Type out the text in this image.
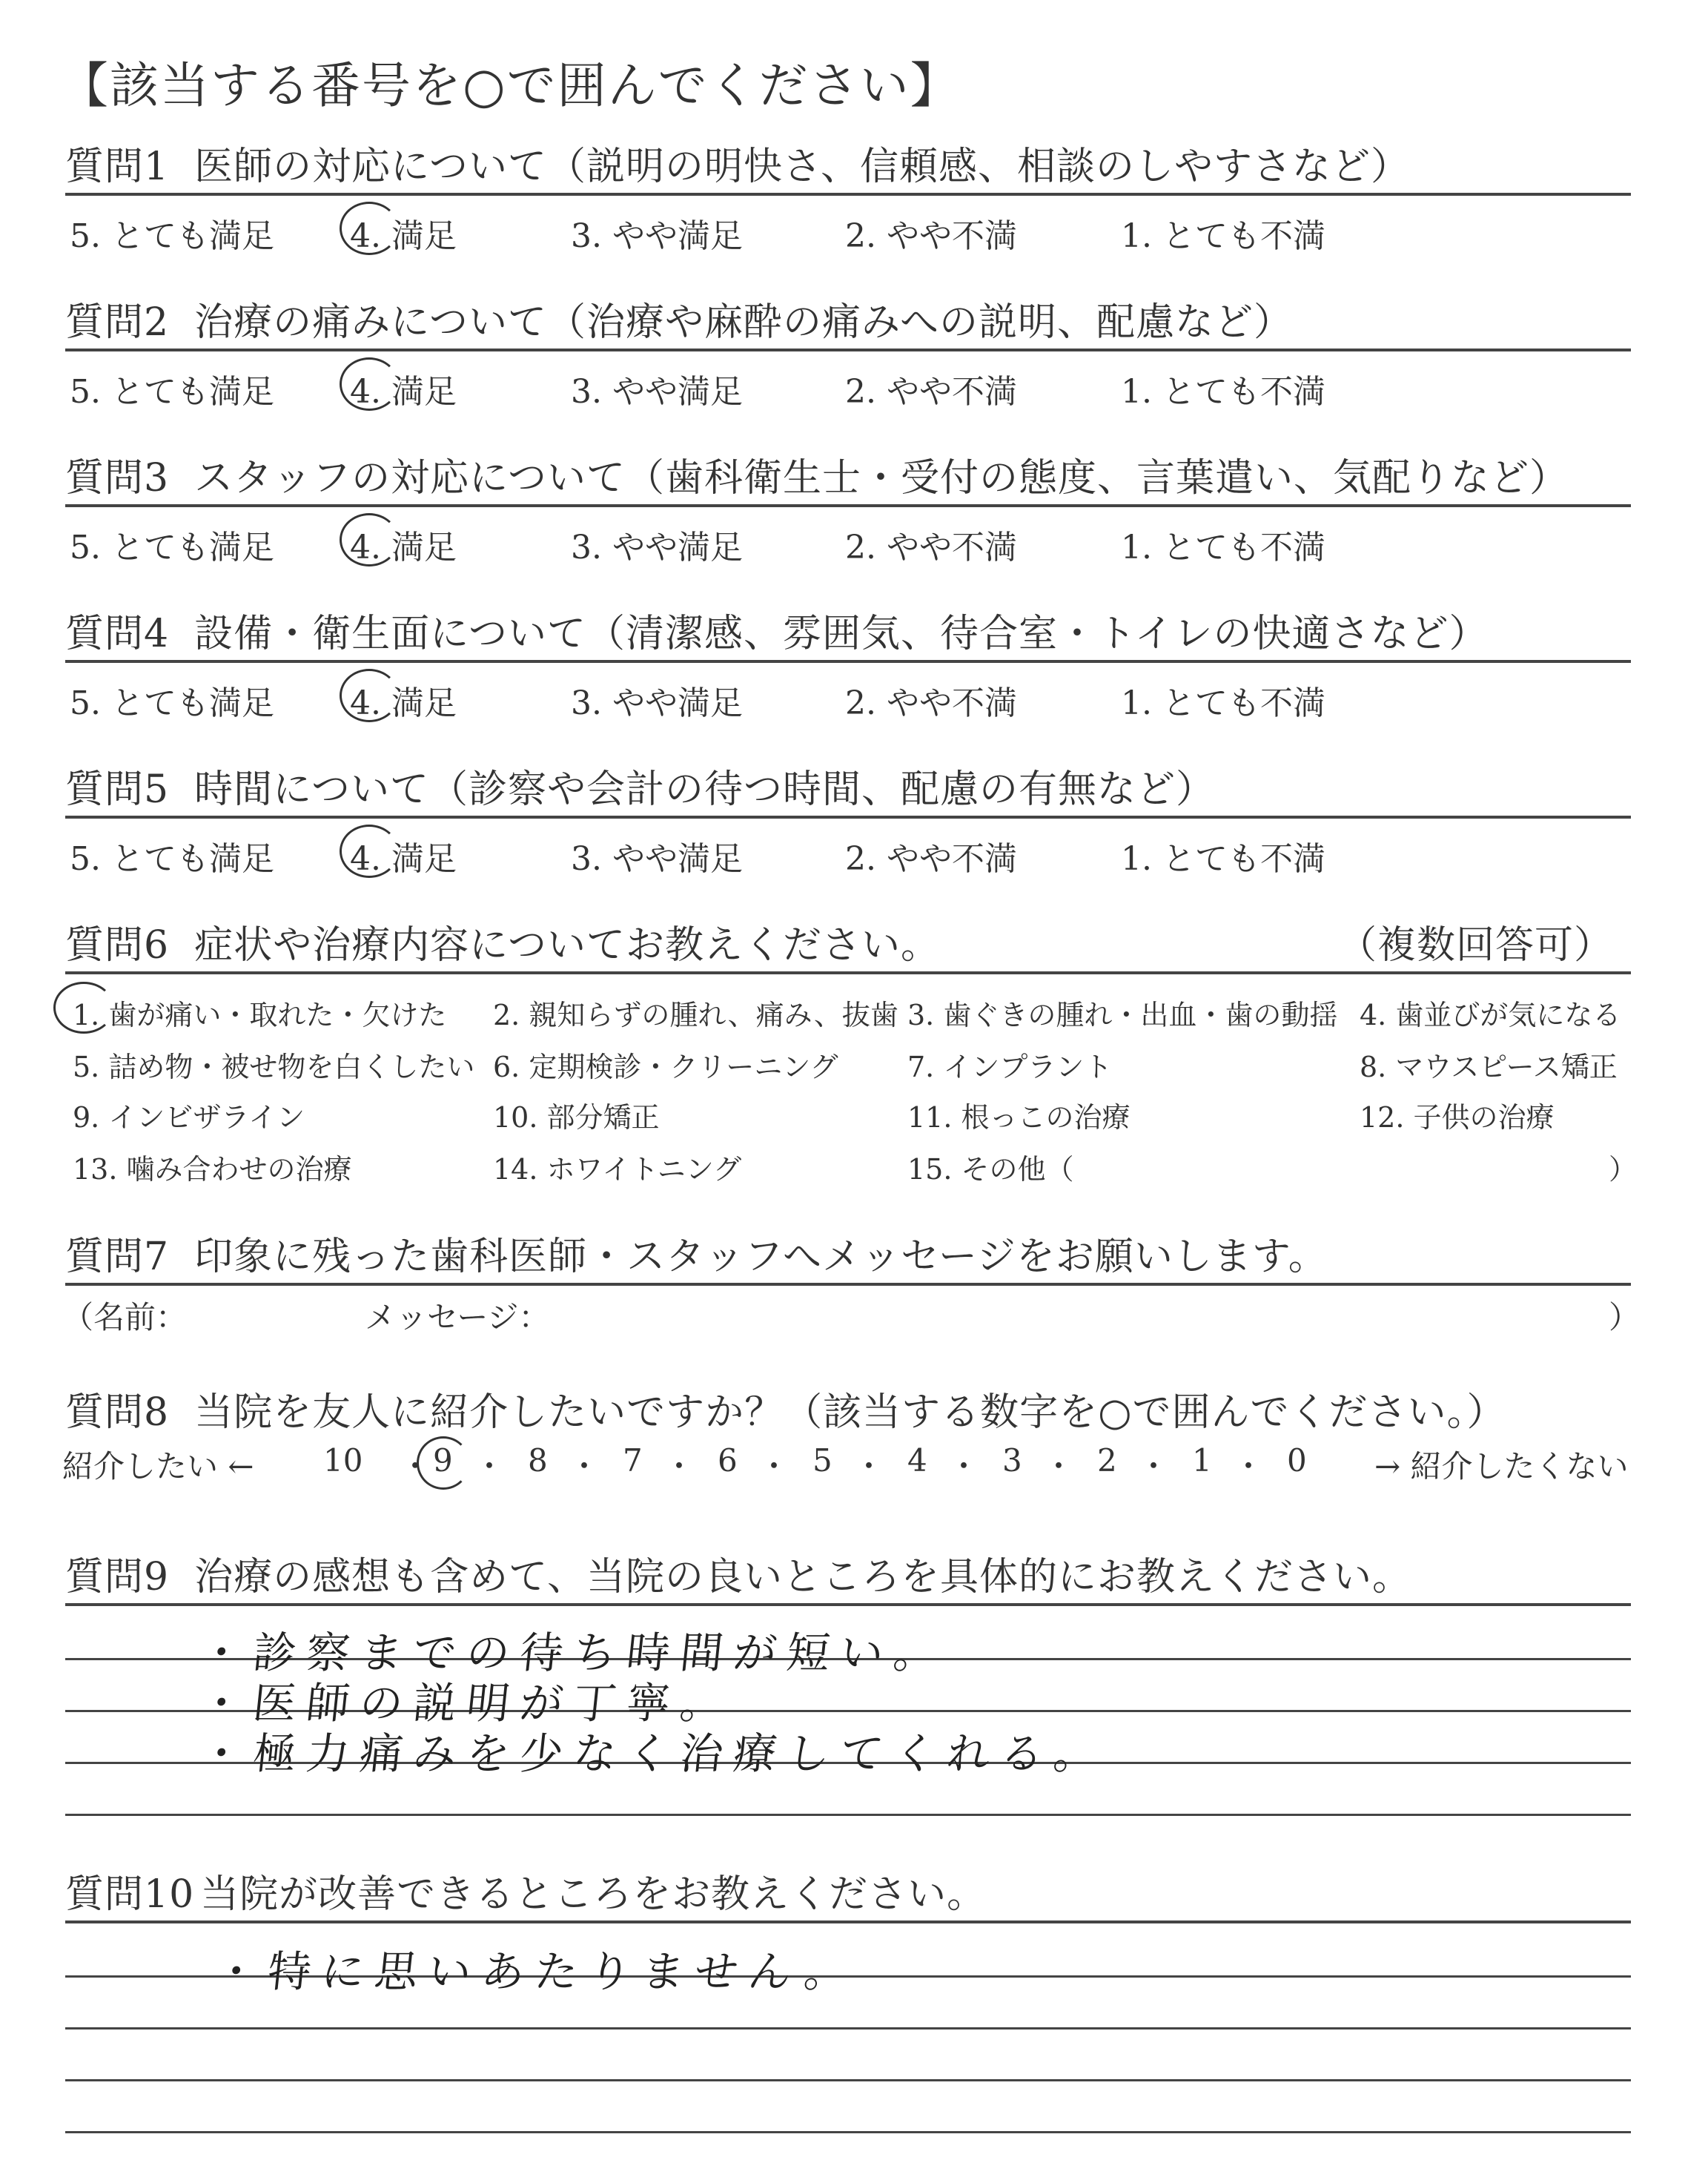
【該当する番号を○で囲んでください】
質問1 医師の対応について（説明の明快さ、信頼感、相談のしやすさなど）
5. とても満足 4. 満足	3. やや満足	2. やや不満	1. とても不満
質問2 治療の痛みについて（治療や麻酔の痛みへの説明、配慮など）
5. とても満足 4. 満足	3. やや満足	2. やや不満	1. とても不満
質問3 スタッフの対応について（歯科衛生士・受付の態度、言葉遣い、気配りなど）
5. とても満足 4. 満足	3. やや満足	2. やや不満	1. とても不満
質問4 設備・衛生面について（清潔感、雰囲気、待合室・トイレの快適さなど）
5. とても満足 4. 満足	3. やや満足	2. やや不満	1. とても不満
質問5 時間について（診察や会計の待つ時間、配慮の有無など）
5. とても満足 4. 満足	3. やや満足	2. やや不満	1. とても不満
質問6 症状や治療内容についてお教えください。	（複数回答可）
1. 歯が痛い・取れた・欠けた 2. 親知らずの腫れ、痛み、抜歯 3. 歯ぐきの腫れ・出血・歯の動揺 4. 歯並びが気になる
5. 詰め物・被せ物を白くしたい 6. 定期検診・クリーニング 7. インプラント	8. マウスピース矯正
9. インビザライン	10. 部分矯正	11. 根っこの治療	12. 子供の治療
13. 噛み合わせの治療	14. ホワイトニング	15. その他（	）
質問7 印象に残った歯科医師・スタッフへメッセージをお願いします。
（名前：	メッセージ：	）
質問8 当院を友人に紹介したいですか？（該当する数字を○で囲んでください。）
紹介したい ← 10 ・ 9 ・ 8 ・ 7 ・ 6 ・ 5 ・ 4 ・ 3 ・ 2 ・ 1 ・ 0 → 紹介したくない
質問9 治療の感想も含めて、当院の良いところを具体的にお教えください。
・診察までの待ち時間が短い。
・医師の説明が丁寧。
・極力痛みを少なく治療してくれる。
質問10 当院が改善できるところをお教えください。
・特に思いあたりません。
